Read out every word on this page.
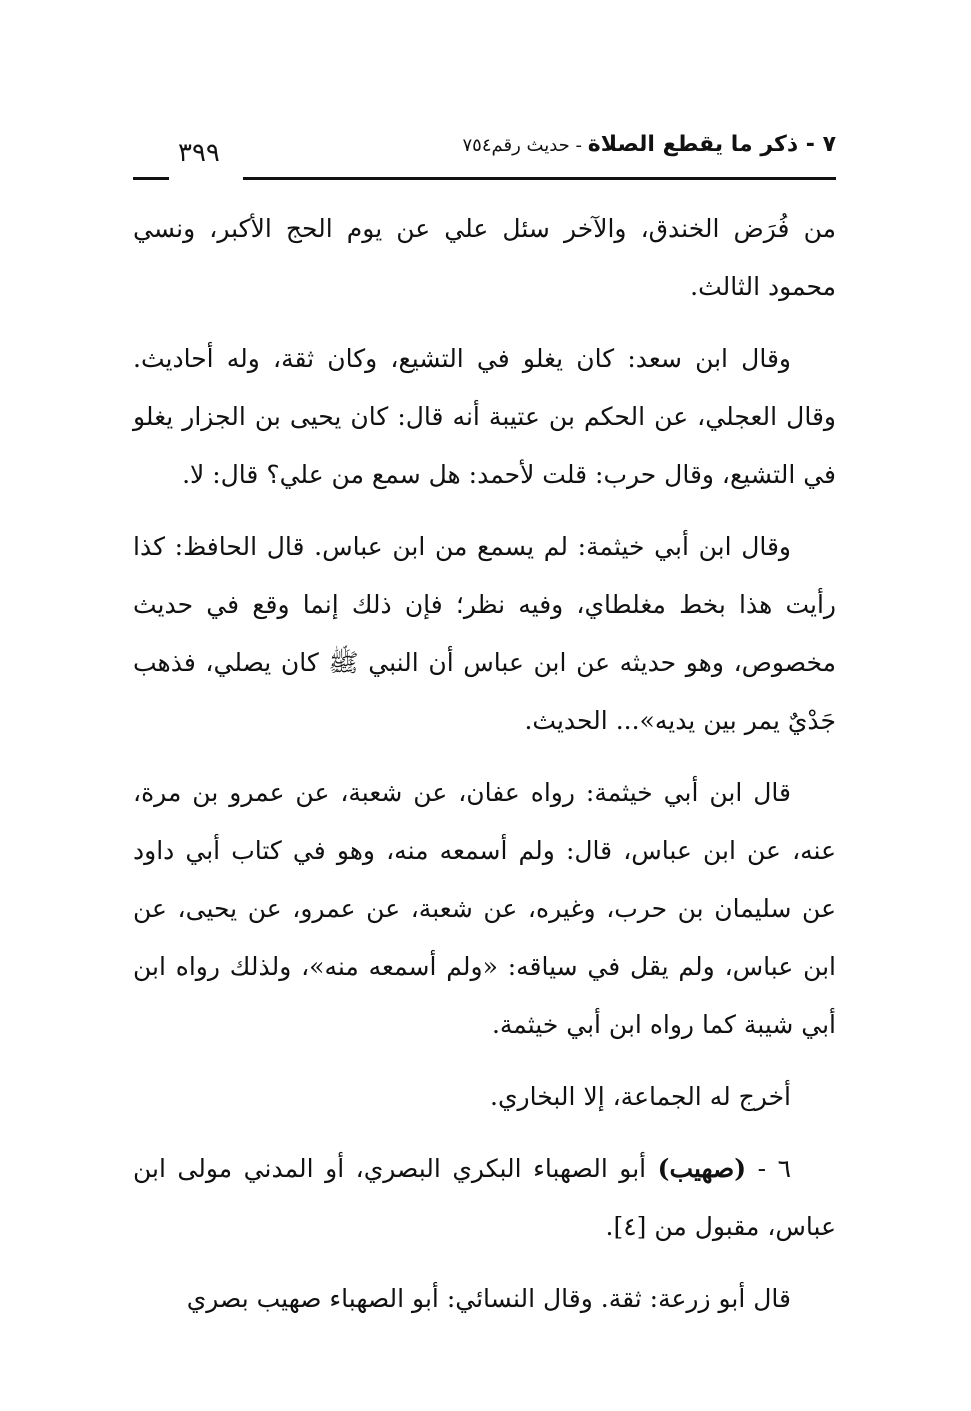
٧ - ذكر ما يقطع الصلاة - حديث رقم٧٥٤
٣٩٩

من فُرَض الخندق، والآخر سئل علي عن يوم الحج الأكبر، ونسي محمود الثالث.

وقال ابن سعد: كان يغلو في التشيع، وكان ثقة، وله أحاديث. وقال العجلي، عن الحكم بن عتيبة أنه قال: كان يحيى بن الجزار يغلو في التشيع، وقال حرب: قلت لأحمد: هل سمع من علي؟ قال: لا.

وقال ابن أبي خيثمة: لم يسمع من ابن عباس. قال الحافظ: كذا رأيت هذا بخط مغلطاي، وفيه نظر؛ فإن ذلك إنما وقع في حديث مخصوص، وهو حديثه عن ابن عباس أن النبي ﷺ كان يصلي، فذهب جَدْيٌ يمر بين يديه»... الحديث.

قال ابن أبي خيثمة: رواه عفان، عن شعبة، عن عمرو بن مرة، عنه، عن ابن عباس، قال: ولم أسمعه منه، وهو في كتاب أبي داود عن سليمان بن حرب، وغيره، عن شعبة، عن عمرو، عن يحيى، عن ابن عباس، ولم يقل في سياقه: «ولم أسمعه منه»، ولذلك رواه ابن أبي شيبة كما رواه ابن أبي خيثمة.

أخرج له الجماعة، إلا البخاري.

٦ - (صهيب) أبو الصهباء البكري البصري، أو المدني مولى ابن عباس، مقبول من [٤].

قال أبو زرعة: ثقة. وقال النسائي: أبو الصهباء صهيب بصري
